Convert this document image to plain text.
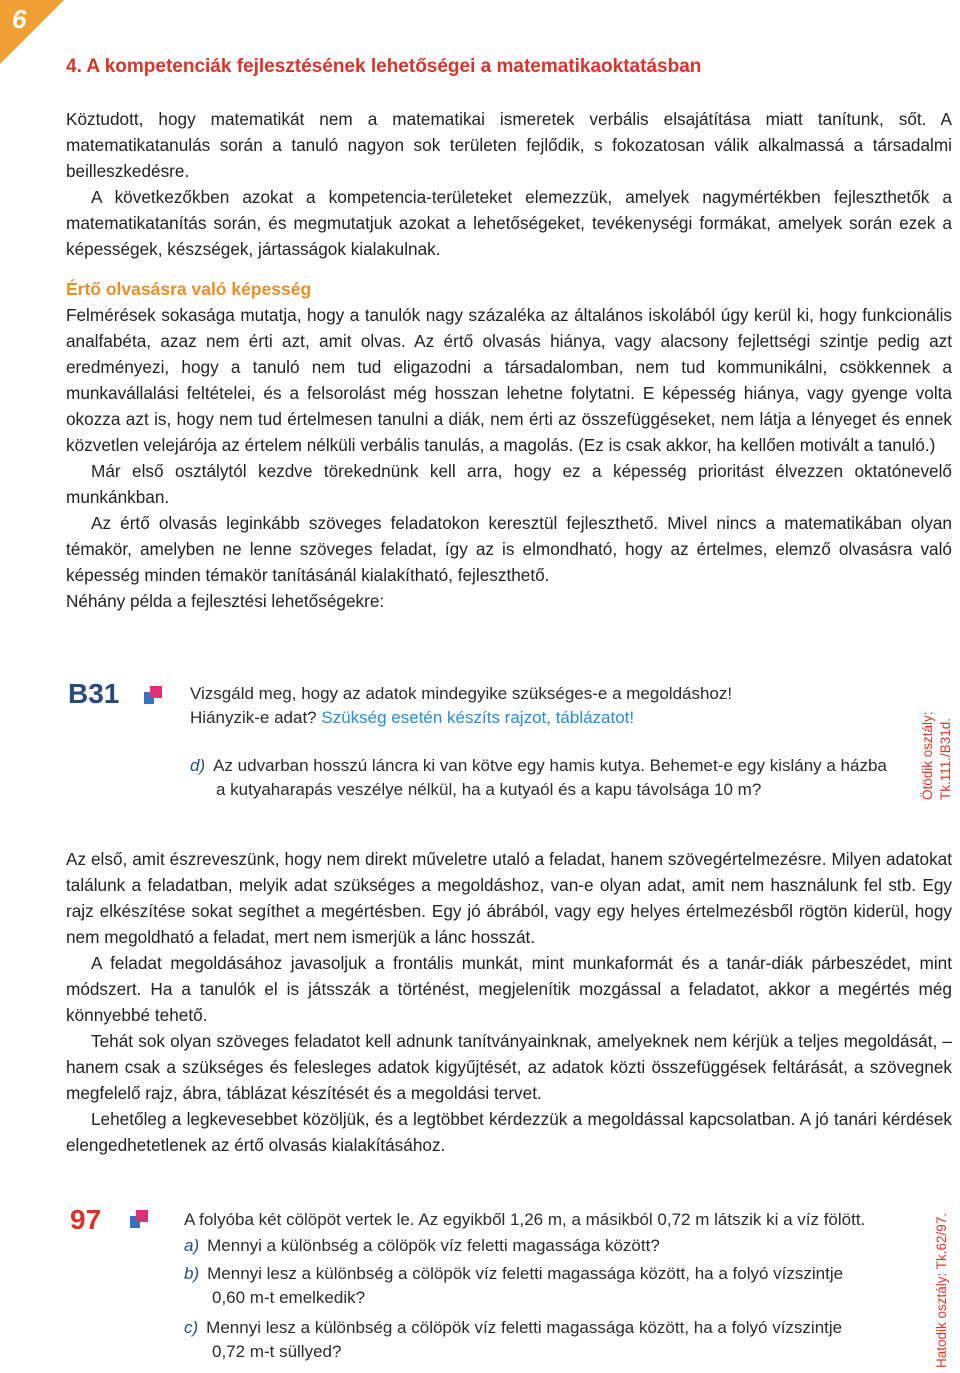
6
4. A kompetenciák fejlesztésének lehetőségei a matematikaoktatásban

Köztudott, hogy matematikát nem a matematikai ismeretek verbális elsajátítása miatt tanítunk, sőt. A matematikatanulás során a tanuló nagyon sok területen fejlődik, s fokozatosan válik alkalmassá a társadalmi beilleszkedésre.

A következőkben azokat a kompetencia-területeket elemezzük, amelyek nagymértékben fejleszthetők a matematikatanítás során, és megmutatjuk azokat a lehetőségeket, tevékenységi formákat, amelyek során ezek a képességek, készségek, jártasságok kialakulnak.

Értő olvasásra való képesség

Felmérések sokasága mutatja, hogy a tanulók nagy százaléka az általános iskolából úgy kerül ki, hogy funkcionális analfabéta, azaz nem érti azt, amit olvas. Az értő olvasás hiánya, vagy alacsony fejlettségi szintje pedig azt eredményezi, hogy a tanuló nem tud eligazodni a társadalomban, nem tud kommunikálni, csökkennek a munkavállalási feltételei, és a felsorolást még hosszan lehetne folytatni. E képesség hiánya, vagy gyenge volta okozza azt is, hogy nem tud értelmesen tanulni a diák, nem érti az összefüggéseket, nem látja a lényeget és ennek közvetlen velejárója az értelem nélküli verbális tanulás, a magolás. (Ez is csak akkor, ha kellően motivált a tanuló.)

Már első osztálytól kezdve törekednünk kell arra, hogy ez a képesség prioritást élvezzen oktatónevelő munkánkban.

Az értő olvasás leginkább szöveges feladatokon keresztül fejleszthető. Mivel nincs a matematikában olyan témakör, amelyben ne lenne szöveges feladat, így az is elmondható, hogy az értelmes, elemző olvasásra való képesség minden témakör tanításánál kialakítható, fejleszthető.

Néhány példa a fejlesztési lehetőségekre:

B31	Vizsgáld meg, hogy az adatok mindegyike szükséges-e a megoldáshoz!
Hiányzik-e adat? Szükség esetén készíts rajzot, táblázatot!
d) Az udvarban hosszú láncra ki van kötve egy hamis kutya. Behemet-e egy kislány a házba
a kutyaharapás veszélye nélkül, ha a kutyaól és a kapu távolsága 10 m?	Ötödik osztály: Tk.111./B31d.

Az első, amit észreveszünk, hogy nem direkt műveletre utaló a feladat, hanem szövegértelmezésre. Milyen adatokat találunk a feladatban, melyik adat szükséges a megoldáshoz, van-e olyan adat, amit nem használunk fel stb. Egy rajz elkészítése sokat segíthet a megértésben. Egy jó ábrából, vagy egy helyes értelmezésből rögtön kiderül, hogy nem megoldható a feladat, mert nem ismerjük a lánc hosszát.

A feladat megoldásához javasoljuk a frontális munkát, mint munkaformát és a tanár-diák párbeszédet, mint módszert. Ha a tanulók el is játsszák a történést, megjelenítik mozgással a feladatot, akkor a megértés még könnyebbé tehető.

Tehát sok olyan szöveges feladatot kell adnunk tanítványainknak, amelyeknek nem kérjük a teljes megoldását, – hanem csak a szükséges és felesleges adatok kigyűjtését, az adatok közti összefüggések feltárását, a szövegnek megfelelő rajz, ábra, táblázat készítését és a megoldási tervet.

Lehetőleg a legkevesebbet közöljük, és a legtöbbet kérdezzük a megoldással kapcsolatban. A jó tanári kérdések elengedhetetlenek az értő olvasás kialakításához.

97	A folyóba két cölöpöt vertek le. Az egyikből 1,26 m, a másikból 0,72 m látszik ki a víz fölött.
a) Mennyi a különbség a cölöpök víz feletti magassága között?
b) Mennyi lesz a különbség a cölöpök víz feletti magassága között, ha a folyó vízszintje
0,60 m-t emelkedik?
c) Mennyi lesz a különbség a cölöpök víz feletti magassága között, ha a folyó vízszintje
0,72 m-t süllyed?	Hatodik osztály: Tk.62/97.
